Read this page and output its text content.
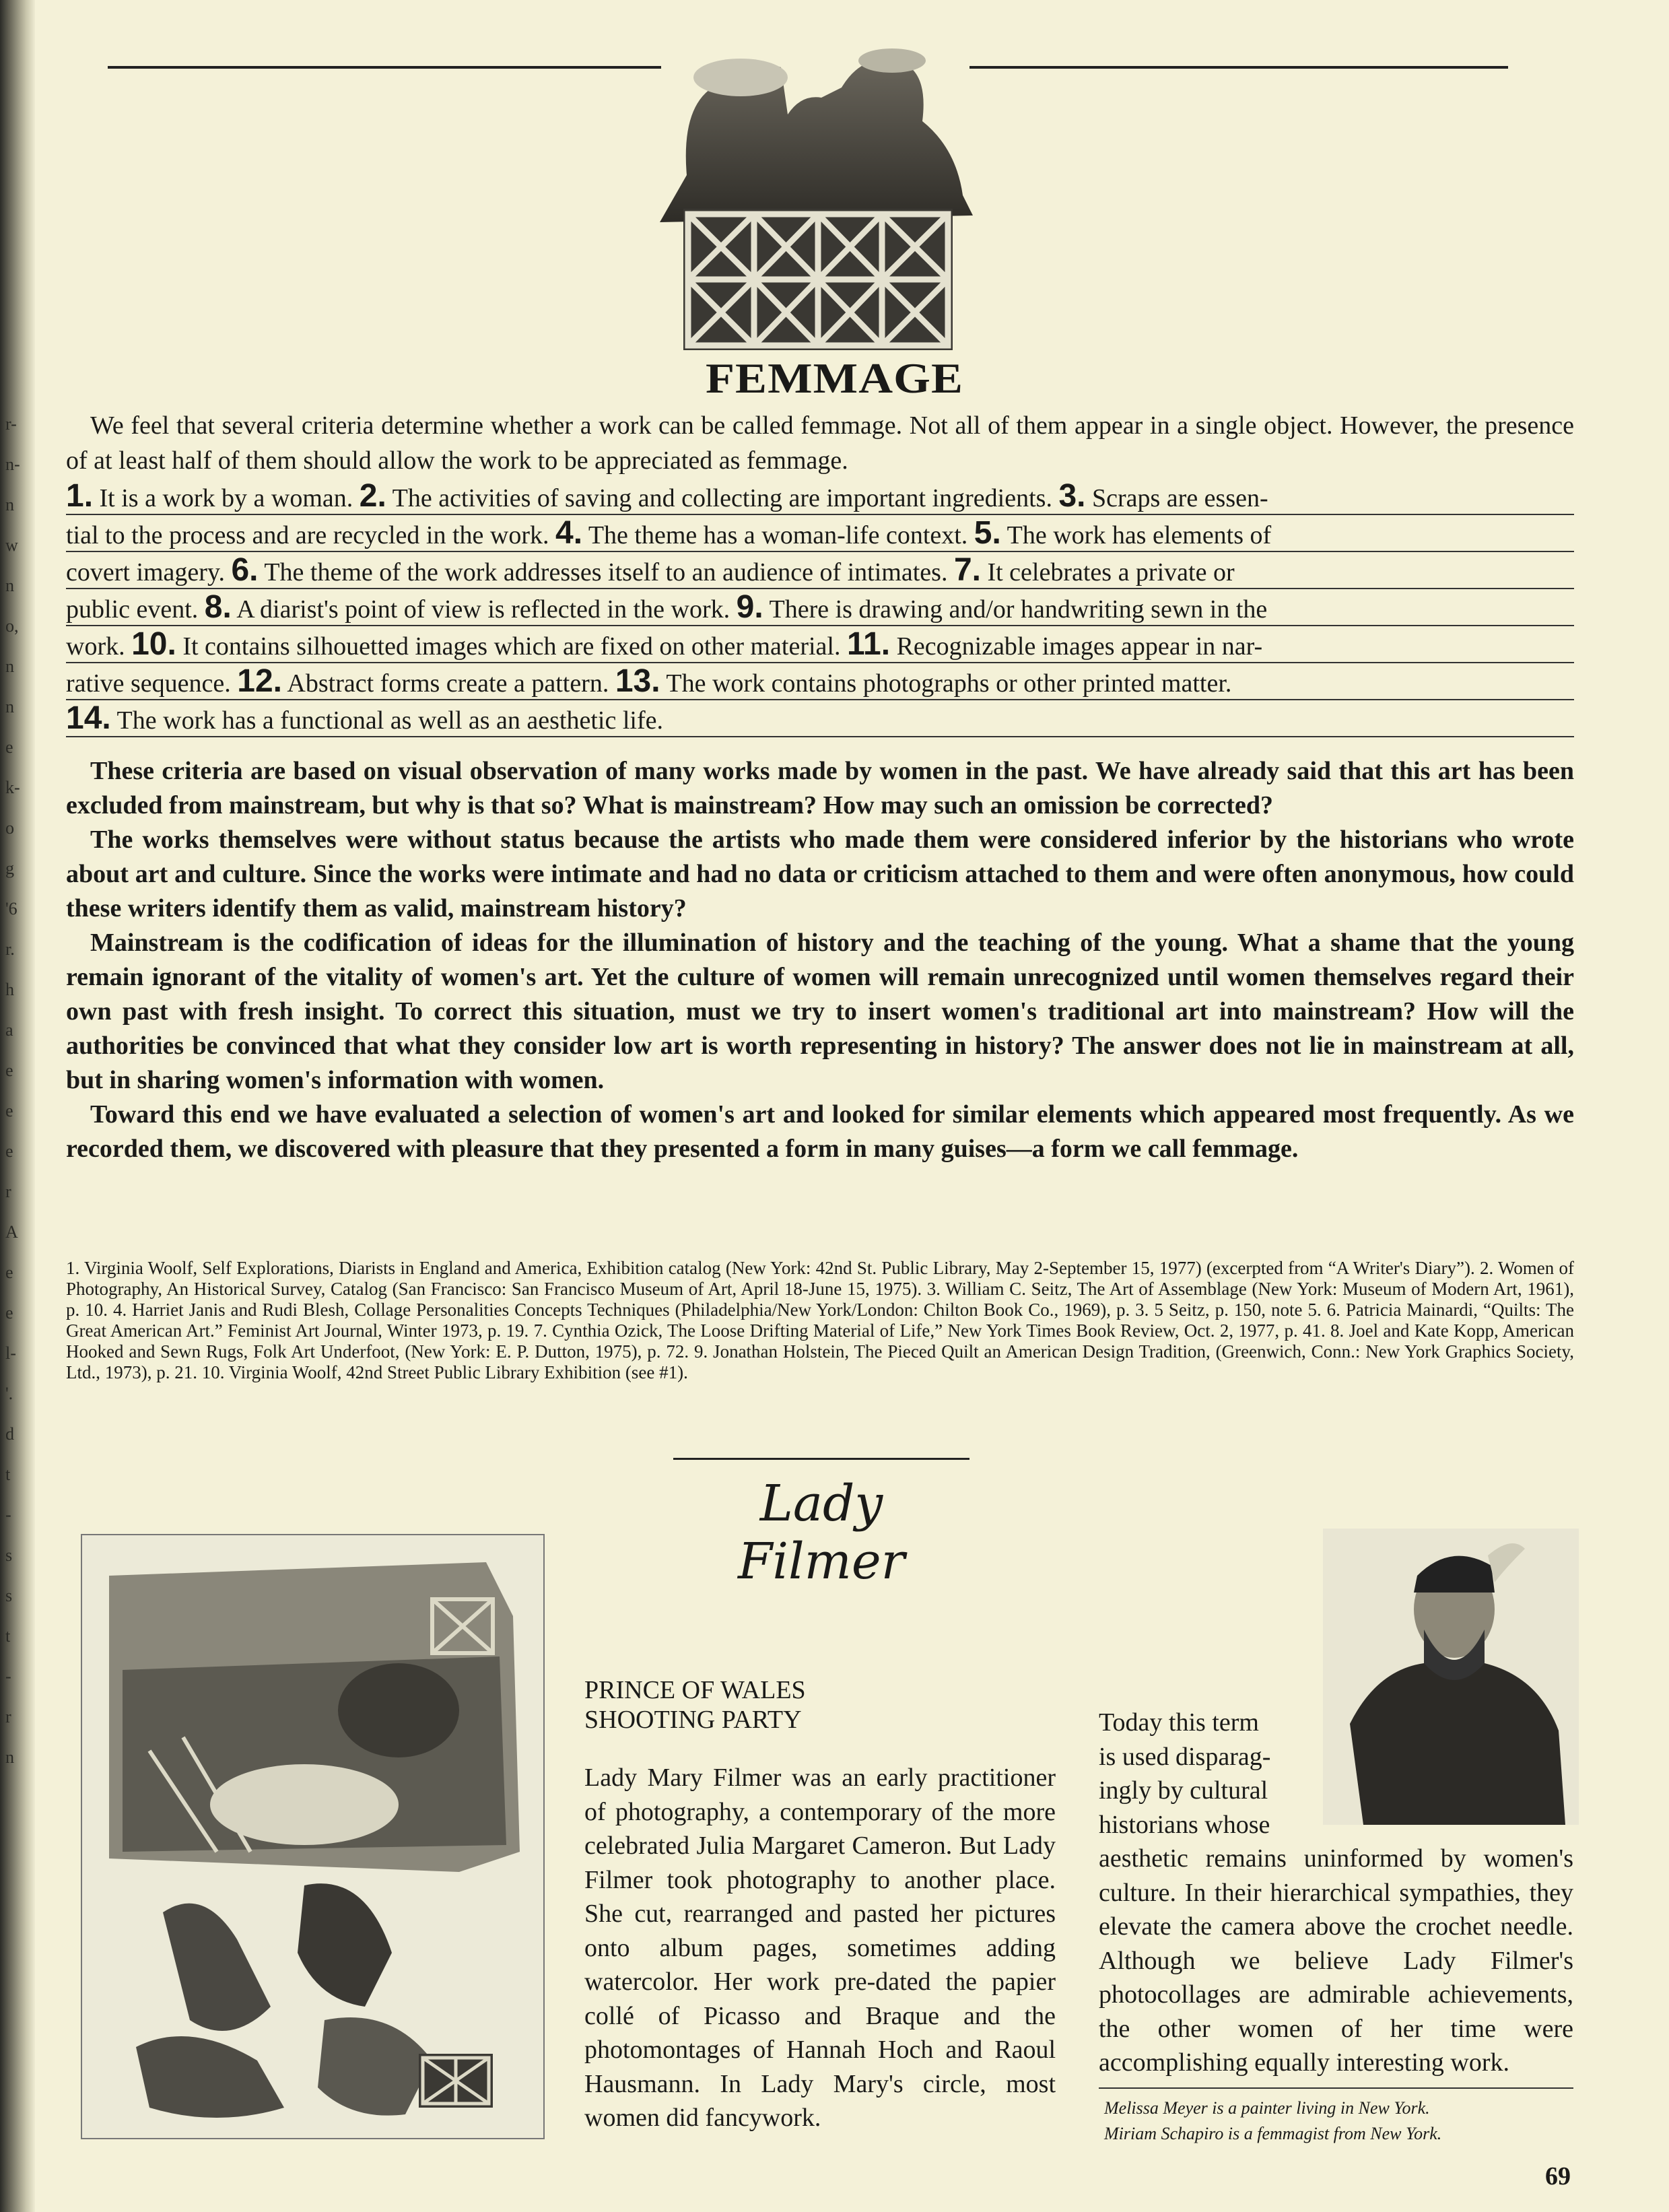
r-
n-
n
w
n
o,
n
n
e
k-
o
g
'6
r.
h
a
e
e
e
r
A
e
e
l-
'.
d
t
-
s
s
t
-
r
n
FEMMAGE

We feel that several criteria determine whether a work can be called femmage. Not all of them appear in a single object. However, the presence of at least half of them should allow the work to be appreciated as femmage.

1. It is a work by a woman. 2. The activities of saving and collecting are important ingredients. 3. Scraps are essen-
tial to the process and are recycled in the work. 4. The theme has a woman-life context. 5. The work has elements of
covert imagery. 6. The theme of the work addresses itself to an audience of intimates. 7. It celebrates a private or
public event. 8. A diarist's point of view is reflected in the work. 9. There is drawing and/or handwriting sewn in the
work. 10. It contains silhouetted images which are fixed on other material. 11. Recognizable images appear in nar-
rative sequence. 12. Abstract forms create a pattern. 13. The work contains photographs or other printed matter.
14. The work has a functional as well as an aesthetic life.

These criteria are based on visual observation of many works made by women in the past. We have already said that this art has been excluded from mainstream, but why is that so? What is mainstream? How may such an omission be corrected?

The works themselves were without status because the artists who made them were considered inferior by the historians who wrote about art and culture. Since the works were intimate and had no data or criticism attached to them and were often anonymous, how could these writers identify them as valid, mainstream history?

Mainstream is the codification of ideas for the illumination of history and the teaching of the young. What a shame that the young remain ignorant of the vitality of women's art. Yet the culture of women will remain unrecognized until women themselves regard their own past with fresh insight. To correct this situation, must we try to insert women's traditional art into mainstream? How will the authorities be convinced that what they consider low art is worth representing in history? The answer does not lie in mainstream at all, but in sharing women's information with women.

Toward this end we have evaluated a selection of women's art and looked for similar elements which appeared most frequently. As we recorded them, we discovered with pleasure that they presented a form in many guises—a form we call femmage.

1. Virginia Woolf, Self Explorations, Diarists in England and America, Exhibition catalog (New York: 42nd St. Public Library, May 2-September 15, 1977) (excerpted from “A Writer's Diary”). 2. Women of Photography, An Historical Survey, Catalog (San Francisco: San Francisco Museum of Art, April 18-June 15, 1975). 3. William C. Seitz, The Art of Assemblage (New York: Museum of Modern Art, 1961), p. 10. 4. Harriet Janis and Rudi Blesh, Collage Personalities Concepts Techniques (Philadelphia/New York/London: Chilton Book Co., 1969), p. 3. 5 Seitz, p. 150, note 5. 6. Patricia Mainardi, “Quilts: The Great American Art.” Feminist Art Journal, Winter 1973, p. 19. 7. Cynthia Ozick, The Loose Drifting Material of Life,” New York Times Book Review, Oct. 2, 1977, p. 41. 8. Joel and Kate Kopp, American Hooked and Sewn Rugs, Folk Art Underfoot, (New York: E. P. Dutton, 1975), p. 72. 9. Jonathan Holstein, The Pieced Quilt an American Design Tradition, (Greenwich, Conn.: New York Graphics Society, Ltd., 1973), p. 21. 10. Virginia Woolf, 42nd Street Public Library Exhibition (see #1).
Lady Filmer
PRINCE OF WALES
SHOOTING PARTY
Lady Mary Filmer was an early practitioner of photography, a contemporary of the more celebrated Julia Margaret Cameron. But Lady Filmer took photography to another place. She cut, rearranged and pasted her pictures onto album pages, sometimes adding watercolor. Her work pre-dated the papier collé of Picasso and Braque and the photomontages of Hannah Hoch and Raoul Hausmann. In Lady Mary's circle, most women did fancywork.
Today this term
is used disparag-
ingly by cultural
historians whose
aesthetic remains uninformed by women's culture. In their hierarchical sympathies, they elevate the camera above the crochet needle. Although we believe Lady Filmer's photocollages are admirable achievements, the other women of her time were accomplishing equally interesting work.
Melissa Meyer is a painter living in New York.
Miriam Schapiro is a femmagist from New York.
69
